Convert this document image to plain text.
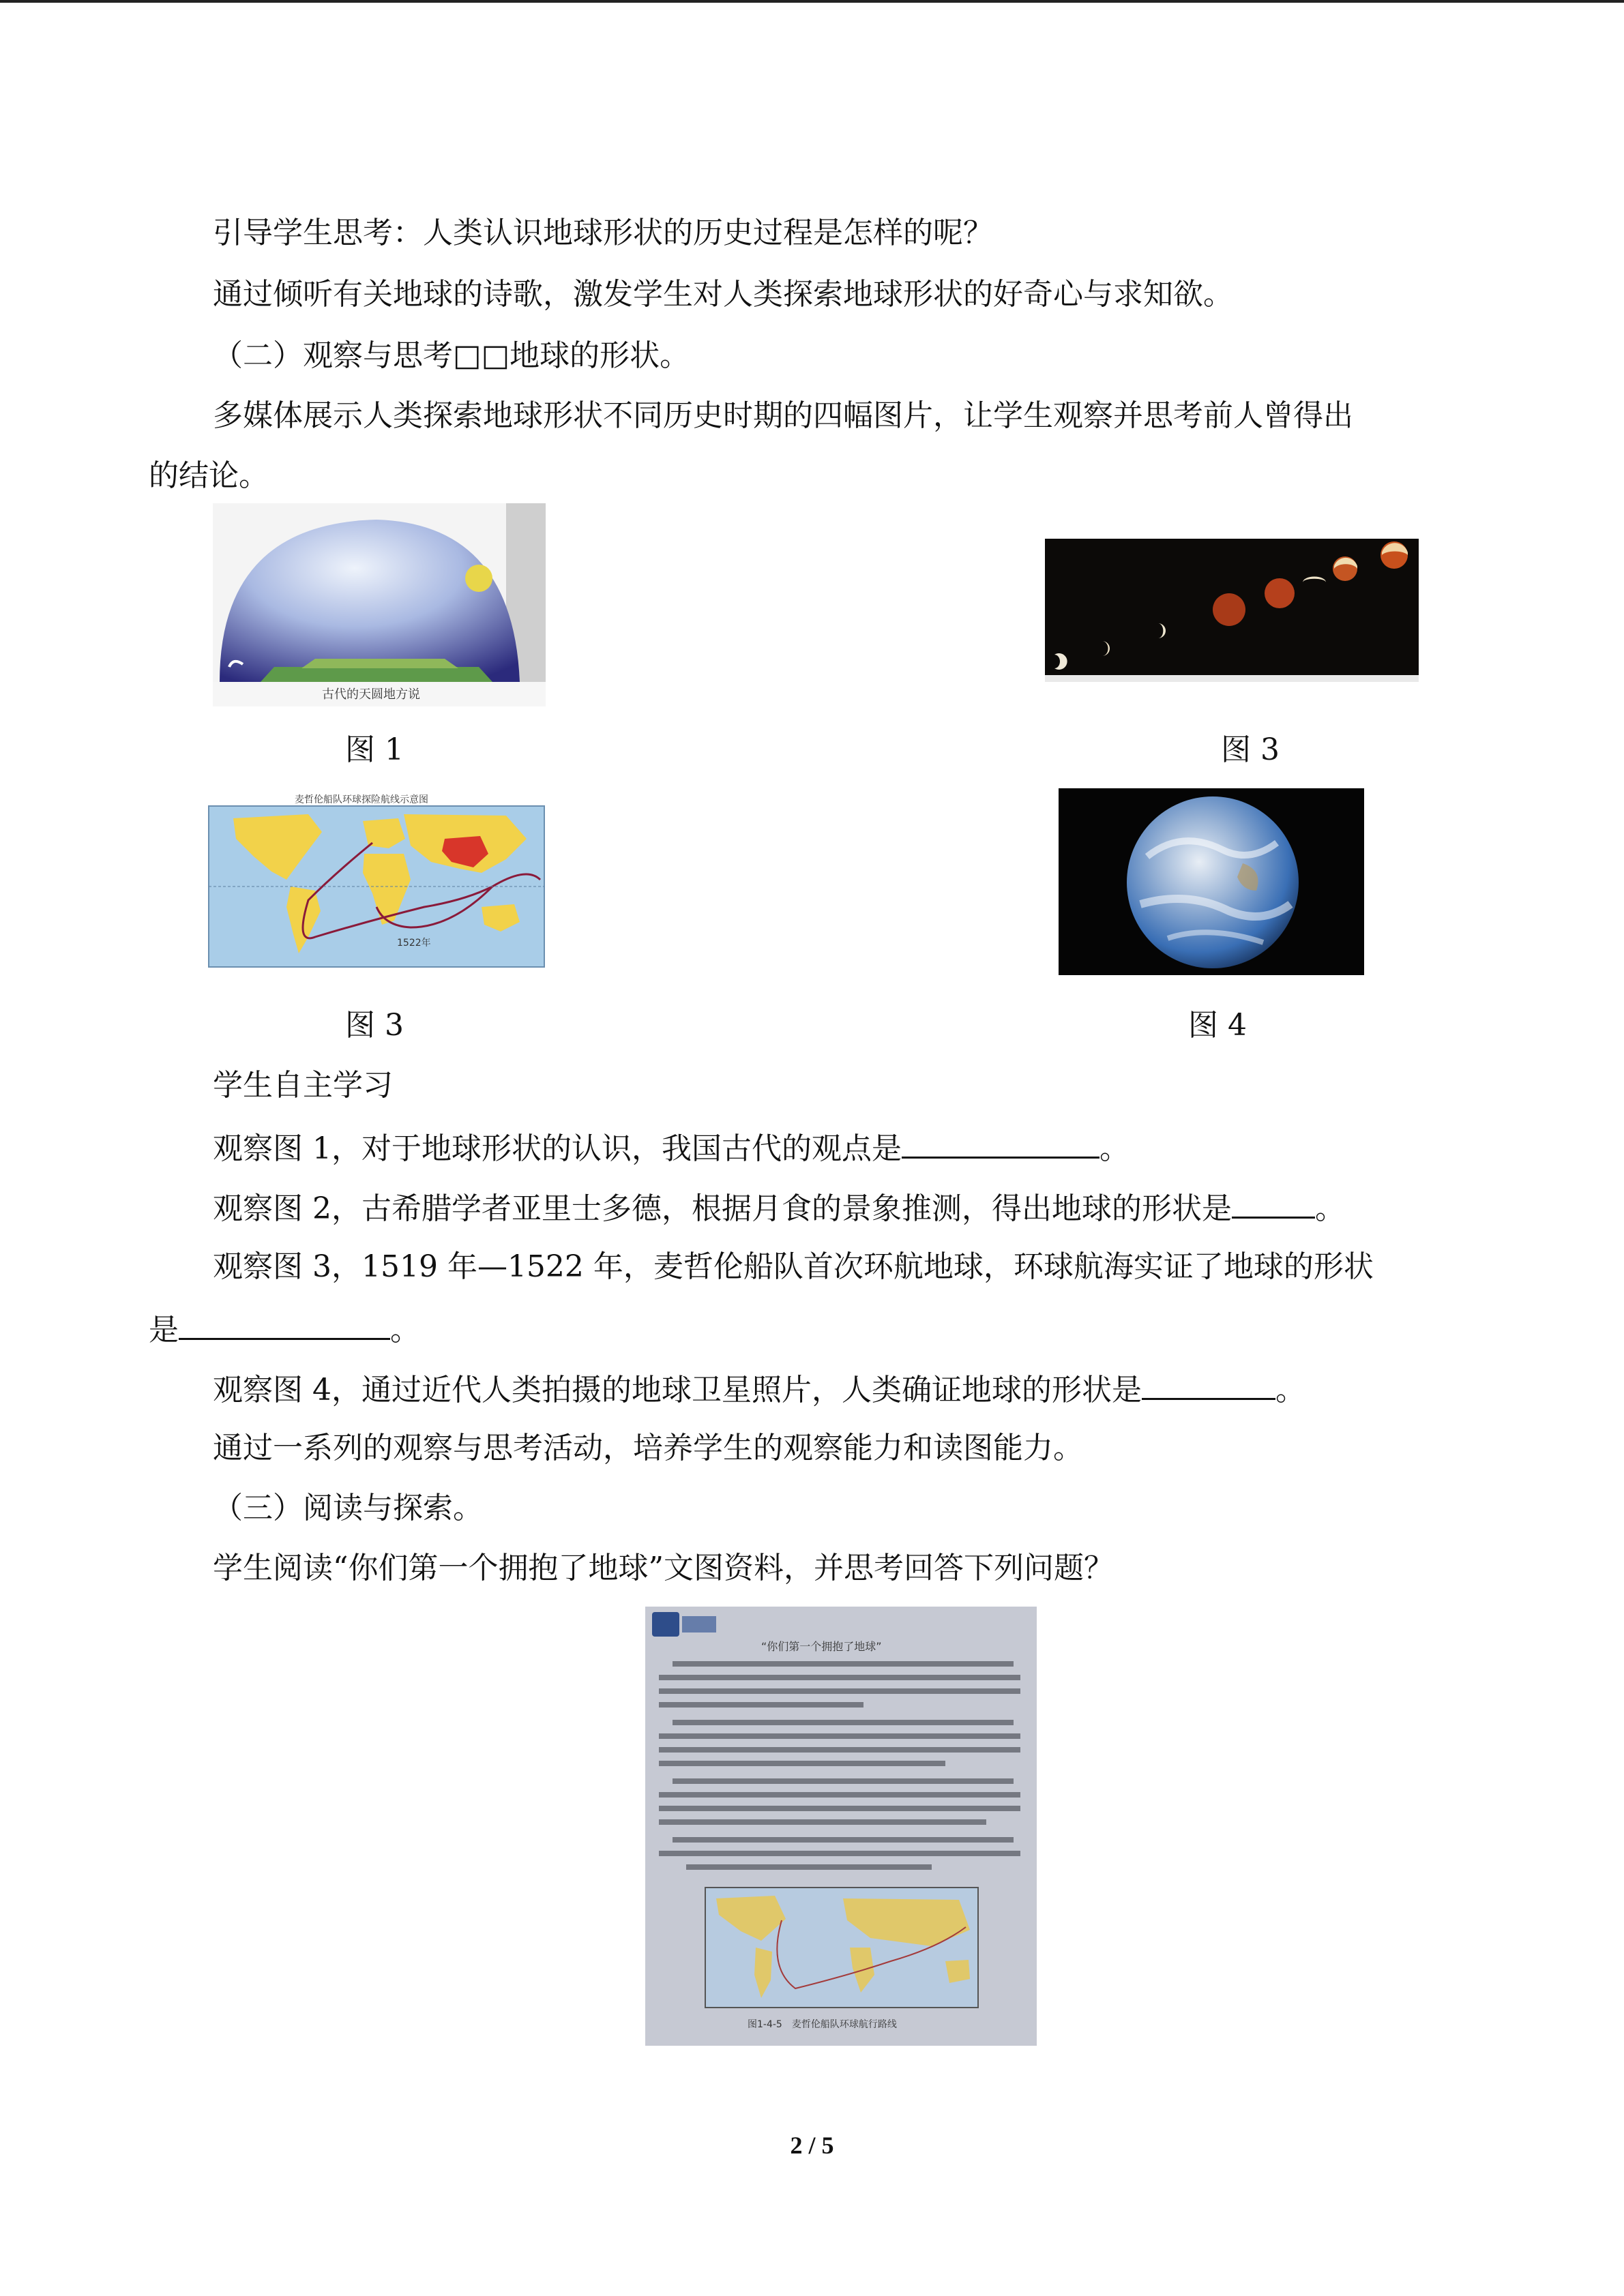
引导学生思考：人类认识地球形状的历史过程是怎样的呢？
通过倾听有关地球的诗歌，激发学生对人类探索地球形状的好奇心与求知欲。
（二）观察与思考□□地球的形状。
多媒体展示人类探索地球形状不同历史时期的四幅图片，让学生观察并思考前人曾得出
的结论。
古代的天圆地方说
图 1	图 3
麦哲伦船队环球探险航线示意图
1522年
图 3	图 4
学生自主学习
观察图 1，对于地球形状的认识，我国古代的观点是	。
观察图 2，古希腊学者亚里士多德，根据月食的景象推测，得出地球的形状是	。
观察图 3，1519 年—1522 年，麦哲伦船队首次环航地球，环球航海实证了地球的形状
是	。
观察图 4，通过近代人类拍摄的地球卫星照片，人类确证地球的形状是	。
通过一系列的观察与思考活动，培养学生的观察能力和读图能力。
（三）阅读与探索。
学生阅读“你们第一个拥抱了地球”文图资料，并思考回答下列问题？
“你们第一个拥抱了地球”
图1-4-5　麦哲伦船队环球航行路线
2 / 5
